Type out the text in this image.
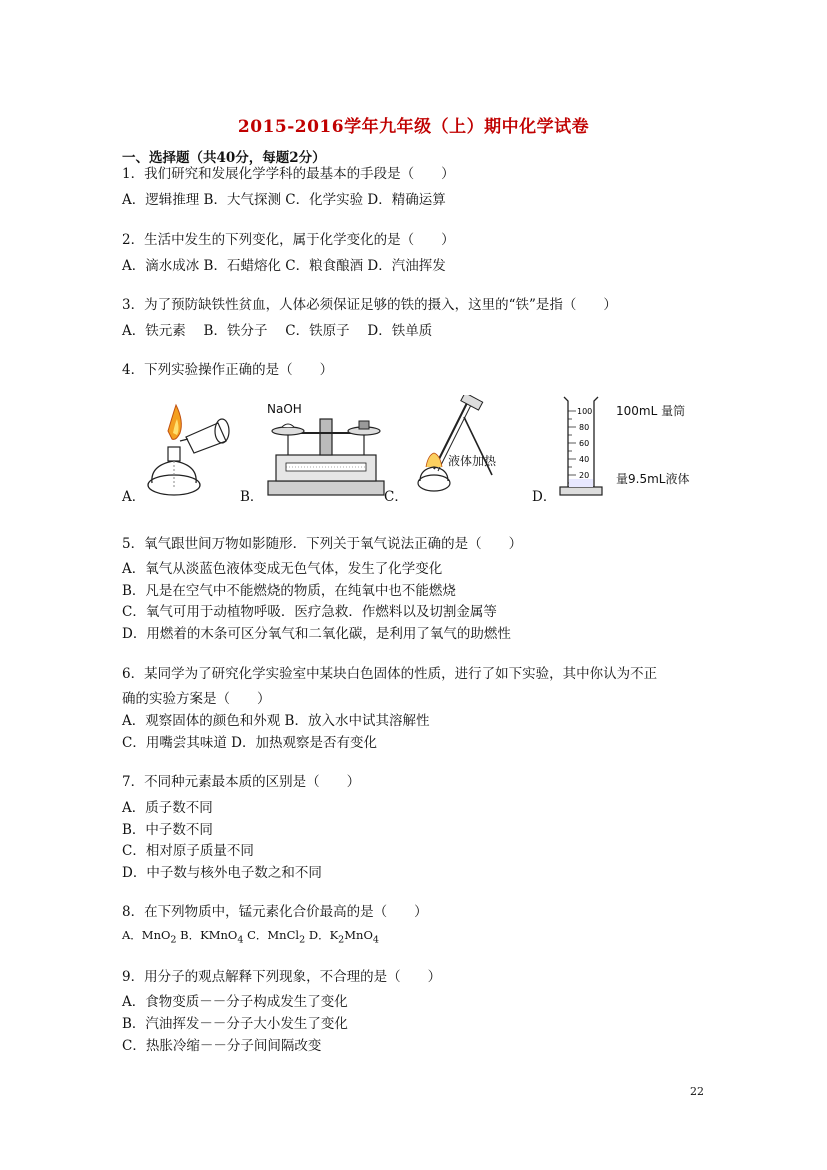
2015-2016学年九年级（上）期中化学试卷
一、选择题（共40分，每题2分）
1．我们研究和发展化学学科的最基本的手段是（　　）
A．逻辑推理 B．大气探测 C．化学实验 D．精确运算
2．生活中发生的下列变化，属于化学变化的是（　　）
A．滴水成冰 B．石蜡熔化 C．粮食酿酒 D．汽油挥发
3．为了预防缺铁性贫血，人体必须保证足够的铁的摄入，这里的“铁”是指（　　）
A．铁元素　 B．铁分子　 C．铁原子　 D．铁单质
4．下列实验操作正确的是（　　）
A．	B．
NaOH
C．
液体加热
D．
100
80
60
40
20
100mL 量筒
量9.5mL液体
5．氧气跟世间万物如影随形．下列关于氧气说法正确的是（　　）
A．氧气从淡蓝色液体变成无色气体，发生了化学变化
B．凡是在空气中不能燃烧的物质，在纯氧中也不能燃烧
C．氧气可用于动植物呼吸．医疗急救．作燃料以及切割金属等
D．用燃着的木条可区分氧气和二氧化碳，是利用了氧气的助燃性
6．某同学为了研究化学实验室中某块白色固体的性质，进行了如下实验，其中你认为不正
确的实验方案是（　　）
A．观察固体的颜色和外观 B．放入水中试其溶解性
C．用嘴尝其味道 D．加热观察是否有变化
7．不同种元素最本质的区别是（　　）
A．质子数不同
B．中子数不同
C．相对原子质量不同
D．中子数与核外电子数之和不同
8．在下列物质中，锰元素化合价最高的是（　　）
A．MnO$_2$ B．KMnO$_4$ C．MnCl$_2$ D．$K_2MnO_4$
9．用分子的观点解释下列现象，不合理的是（　　）
A．食物变质－－分子构成发生了变化
B．汽油挥发－－分子大小发生了变化
C．热胀冷缩－－分子间间隔改变
22
